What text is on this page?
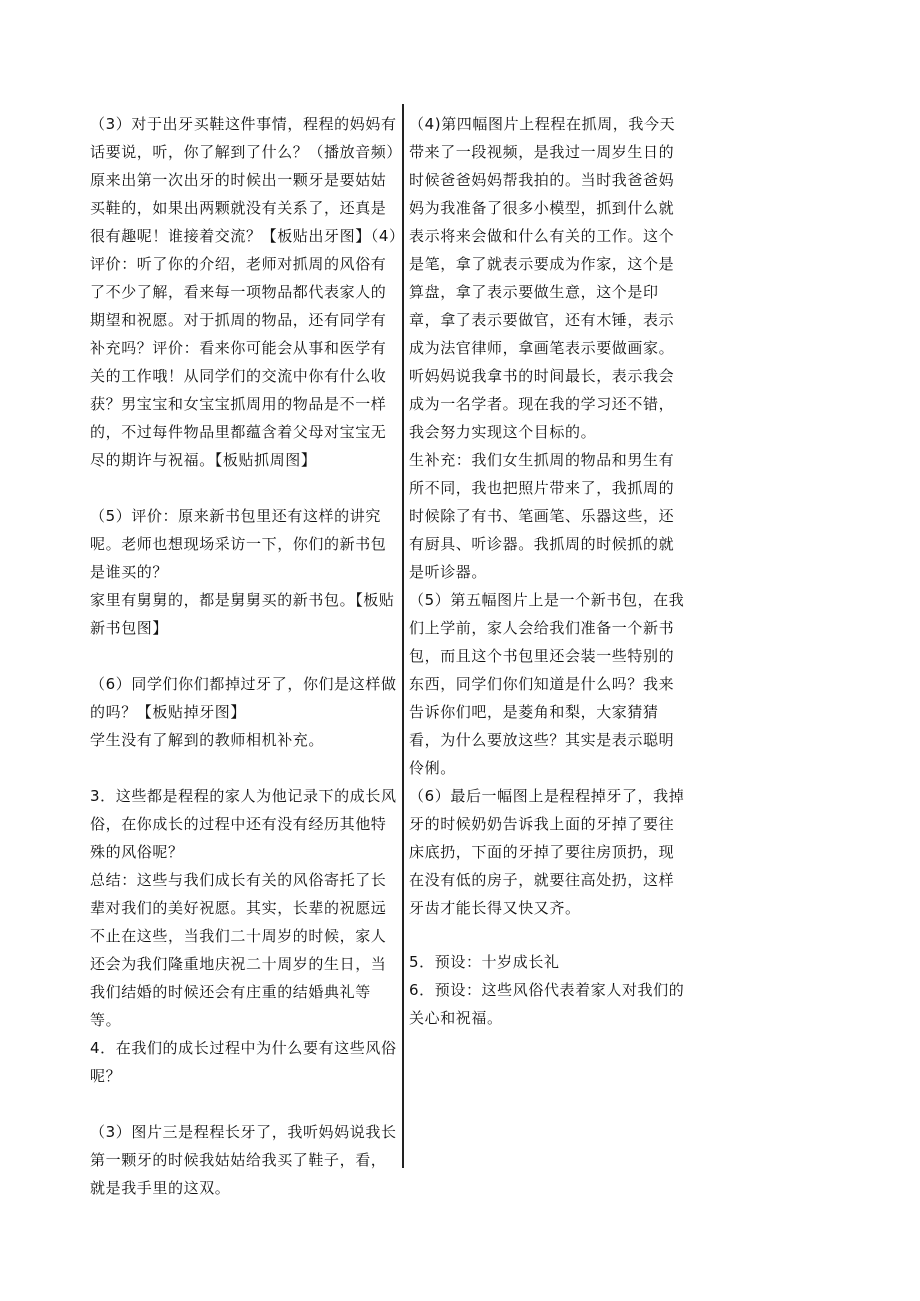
（3）对于出牙买鞋这件事情，程程的妈妈有话要说，听，你了解到了什么？（播放音频）原来出第一次出牙的时候出一颗牙是要姑姑买鞋的，如果出两颗就没有关系了，还真是很有趣呢！谁接着交流？【板贴出牙图】（4）评价：听了你的介绍，老师对抓周的风俗有了不少了解，看来每一项物品都代表家人的期望和祝愿。对于抓周的物品，还有同学有补充吗？评价：看来你可能会从事和医学有关的工作哦！从同学们的交流中你有什么收获？男宝宝和女宝宝抓周用的物品是不一样的，不过每件物品里都蕴含着父母对宝宝无尽的期许与祝福。【板贴抓周图】

（5）评价：原来新书包里还有这样的讲究呢。老师也想现场采访一下，你们的新书包是谁买的？

家里有舅舅的，都是舅舅买的新书包。【板贴新书包图】

（6）同学们你们都掉过牙了，你们是这样做的吗？【板贴掉牙图】

学生没有了解到的教师相机补充。

3．这些都是程程的家人为他记录下的成长风俗，在你成长的过程中还有没有经历其他特殊的风俗呢？

总结：这些与我们成长有关的风俗寄托了长辈对我们的美好祝愿。其实，长辈的祝愿远不止在这些，当我们二十周岁的时候，家人还会为我们隆重地庆祝二十周岁的生日，当我们结婚的时候还会有庄重的结婚典礼等等。

4．在我们的成长过程中为什么要有这些风俗呢？

（3）图片三是程程长牙了，我听妈妈说我长第一颗牙的时候我姑姑给我买了鞋子，看，就是我手里的这双。

（4)第四幅图片上程程在抓周，我今天带来了一段视频，是我过一周岁生日的时候爸爸妈妈帮我拍的。当时我爸爸妈妈为我准备了很多小模型，抓到什么就表示将来会做和什么有关的工作。这个是笔，拿了就表示要成为作家，这个是算盘，拿了表示要做生意，这个是印章，拿了表示要做官，还有木锤，表示成为法官律师，拿画笔表示要做画家。听妈妈说我拿书的时间最长，表示我会成为一名学者。现在我的学习还不错，我会努力实现这个目标的。

生补充：我们女生抓周的物品和男生有所不同，我也把照片带来了，我抓周的时候除了有书、笔画笔、乐器这些，还有厨具、听诊器。我抓周的时候抓的就是听诊器。

（5）第五幅图片上是一个新书包，在我们上学前，家人会给我们准备一个新书包，而且这个书包里还会装一些特别的东西，同学们你们知道是什么吗？我来告诉你们吧，是菱角和梨，大家猜猜看，为什么要放这些？其实是表示聪明伶俐。

（6）最后一幅图上是程程掉牙了，我掉牙的时候奶奶告诉我上面的牙掉了要往床底扔，下面的牙掉了要往房顶扔，现在没有低的房子，就要往高处扔，这样牙齿才能长得又快又齐。

5．预设：十岁成长礼

6．预设：这些风俗代表着家人对我们的关心和祝福。
